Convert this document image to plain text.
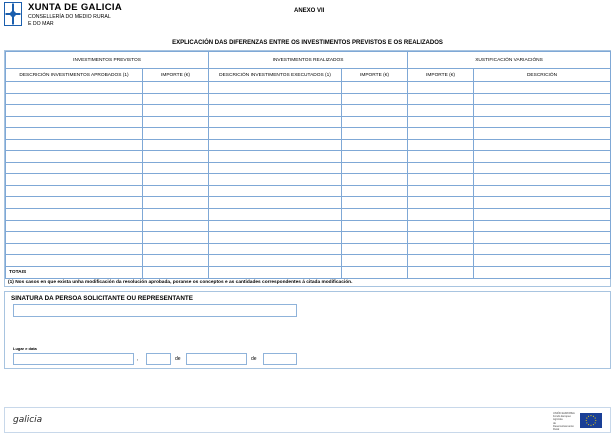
XUNTA DE GALICIA
CONSELLERÍA DO MEDIO RURAL
E DO MAR
ANEXO VII
EXPLICACIÓN DAS DIFERENZAS ENTRE OS INVESTIMENTOS PREVISTOS E OS REALIZADOS
INVESTIMENTOS PREVISTOS		INVESTIMENTOS REALIZADOS		XUSTIFICACIÓN VARIACIÓNS	
DESCRICIÓN INVESTIMENTOS APROBADOS (1)	IMPORTE (€)	DESCRICIÓN INVESTIMENTOS EXECUTADOS (1)	IMPORTE (€)	IMPORTE (€)	DESCRICIÓN

TOTAIS					
(1) Nos casos en que exista unha modificación da resolución aprobada, poranse os conceptos e as cantidades correspondentes á citada modificación.
SINATURA DA PERSOA SOLICITANTE OU REPRESENTANTE
Lugar e data
,	de	de
galicia
UNIÓN EUROPEA
Fondo Europeo Agrícola
de Desenvolvemento Rural
